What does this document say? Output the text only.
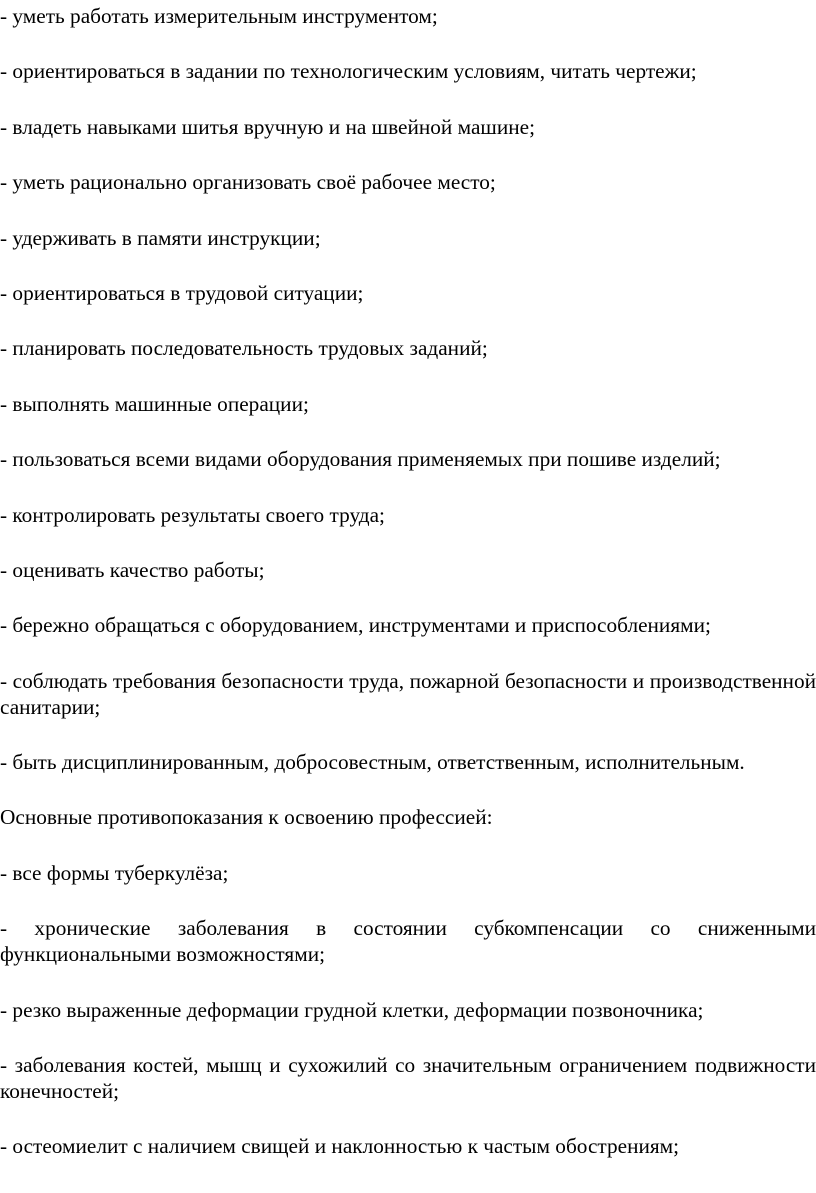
- уметь работать измерительным инструментом;

- ориентироваться в задании по технологическим условиям, читать чертежи;

- владеть навыками шитья вручную и на швейной машине;

- уметь рационально организовать своё рабочее место;

- удерживать в памяти инструкции;

- ориентироваться в трудовой ситуации;

- планировать последовательность трудовых заданий;

- выполнять машинные операции;

- пользоваться всеми видами оборудования применяемых при пошиве изделий;

- контролировать результаты своего труда;

- оценивать качество работы;

- бережно обращаться с оборудованием, инструментами и приспособлениями;

- соблюдать требования безопасности труда, пожарной безопасности и производственной санитарии;

- быть дисциплинированным, добросовестным, ответственным, исполнительным.

Основные противопоказания к освоению профессией:

- все формы туберкулёза;

- хронические заболевания в состоянии субкомпенсации со сниженными функциональными возможностями;

- резко выраженные деформации грудной клетки, деформации позвоночника;

- заболевания костей, мышц и сухожилий со значительным ограничением подвижности конечностей;

- остеомиелит с наличием свищей и наклонностью к частым обострениям;
